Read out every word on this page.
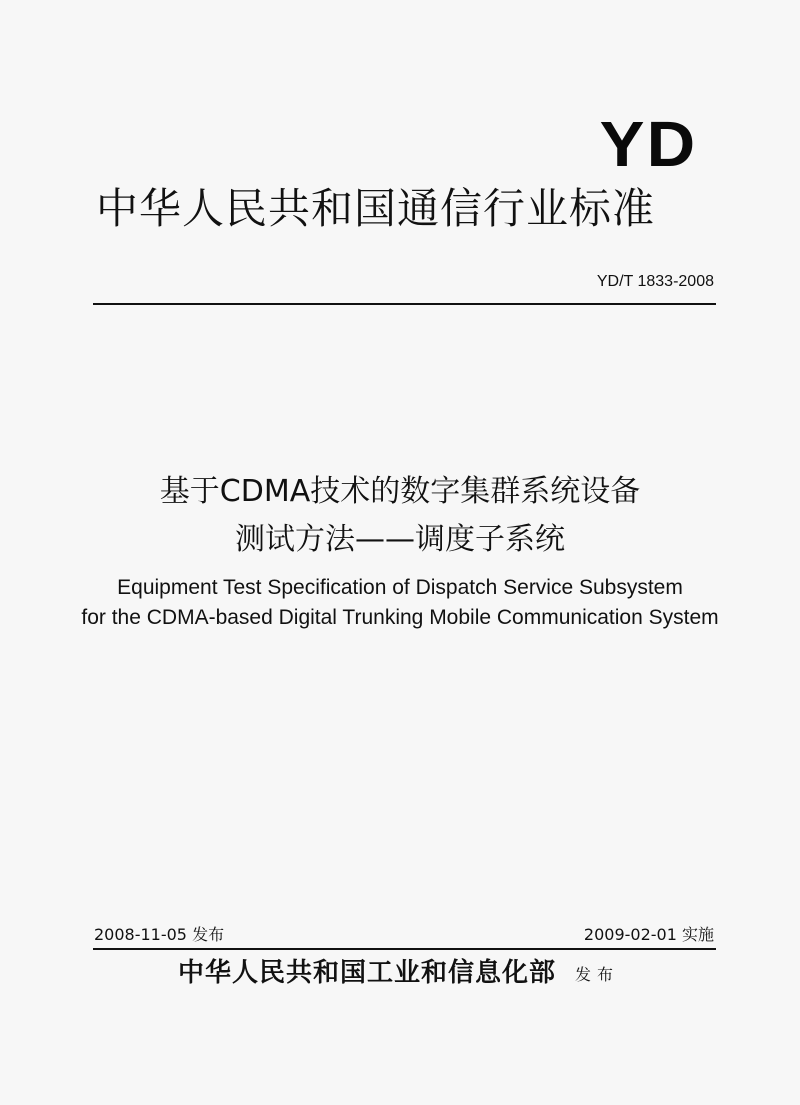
YD
中华人民共和国通信行业标准
YD/T 1833-2008
基于CDMA技术的数字集群系统设备
测试方法——调度子系统
Equipment Test Specification of Dispatch Service Subsystem
for the CDMA-based Digital Trunking Mobile Communication System
2008-11-05 发布	2009-02-01 实施
中华人民共和国工业和信息化部 发布
